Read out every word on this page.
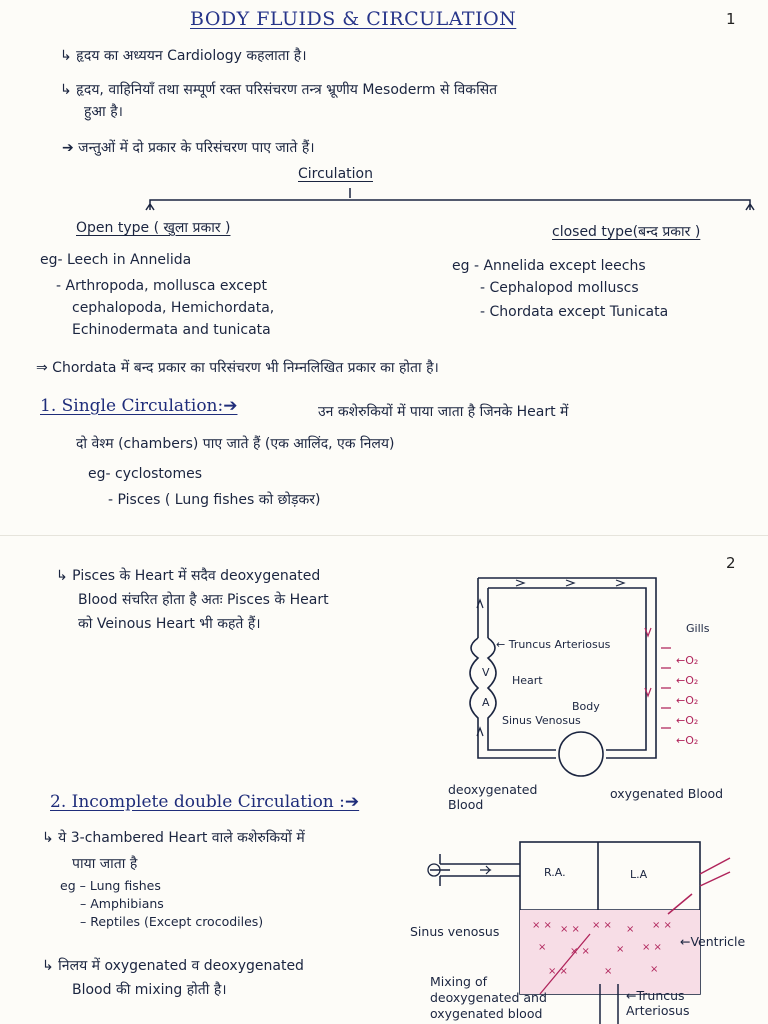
BODY FLUIDS & CIRCULATION	1
↳ हृदय का अध्ययन Cardiology कहलाता है।
↳ हृदय, वाहिनियाँ तथा सम्पूर्ण रक्त परिसंचरण तन्त्र भ्रूणीय Mesoderm से विकसित
हुआ है।
➔ जन्तुओं में दो प्रकार के परिसंचरण पाए जाते हैं।
Circulation
Open type ( खुला प्रकार )	closed type(बन्द प्रकार )
eg- Leech in Annelida
- Arthropoda, mollusca except
cephalopoda, Hemichordata,
Echinodermata and tunicata
eg - Annelida except leechs
- Cephalopod molluscs
- Chordata except Tunicata
⇒ Chordata में बन्द प्रकार का परिसंचरण भी निम्नलिखित प्रकार का होता है।
1. Single Circulation:➔	उन कशेरुकियों में पाया जाता है जिनके Heart में
दो वेश्म (chambers) पाए जाते हैं (एक आलिंद, एक निलय)
eg- cyclostomes
- Pisces ( Lung fishes को छोड़कर)
2
↳ Pisces के Heart में सदैव deoxygenated
Blood संचरित होता है अतः Pisces के Heart
को Veinous Heart भी कहते हैं।
V
A
← Truncus Arteriosus
Heart
Body
Sinus Venosus
Gills
←O₂
←O₂
←O₂
←O₂
←O₂
deoxygenated Blood
oxygenated Blood
2. Incomplete double Circulation :➔
↳ ये 3-chambered Heart वाले कशेरुकियों में
पाया जाता है
eg – Lung fishes
– Amphibians
– Reptiles (Except crocodiles)
↳ निलय में oxygenated व deoxygenated
Blood की mixing होती है।
× × × × × × × × ×
× × ×	× × ×
× ×	×	×
R.A.	L.A
Sinus venosus
←Ventricle
Mixing of deoxygenated and oxygenated blood
←Truncus Arteriosus
